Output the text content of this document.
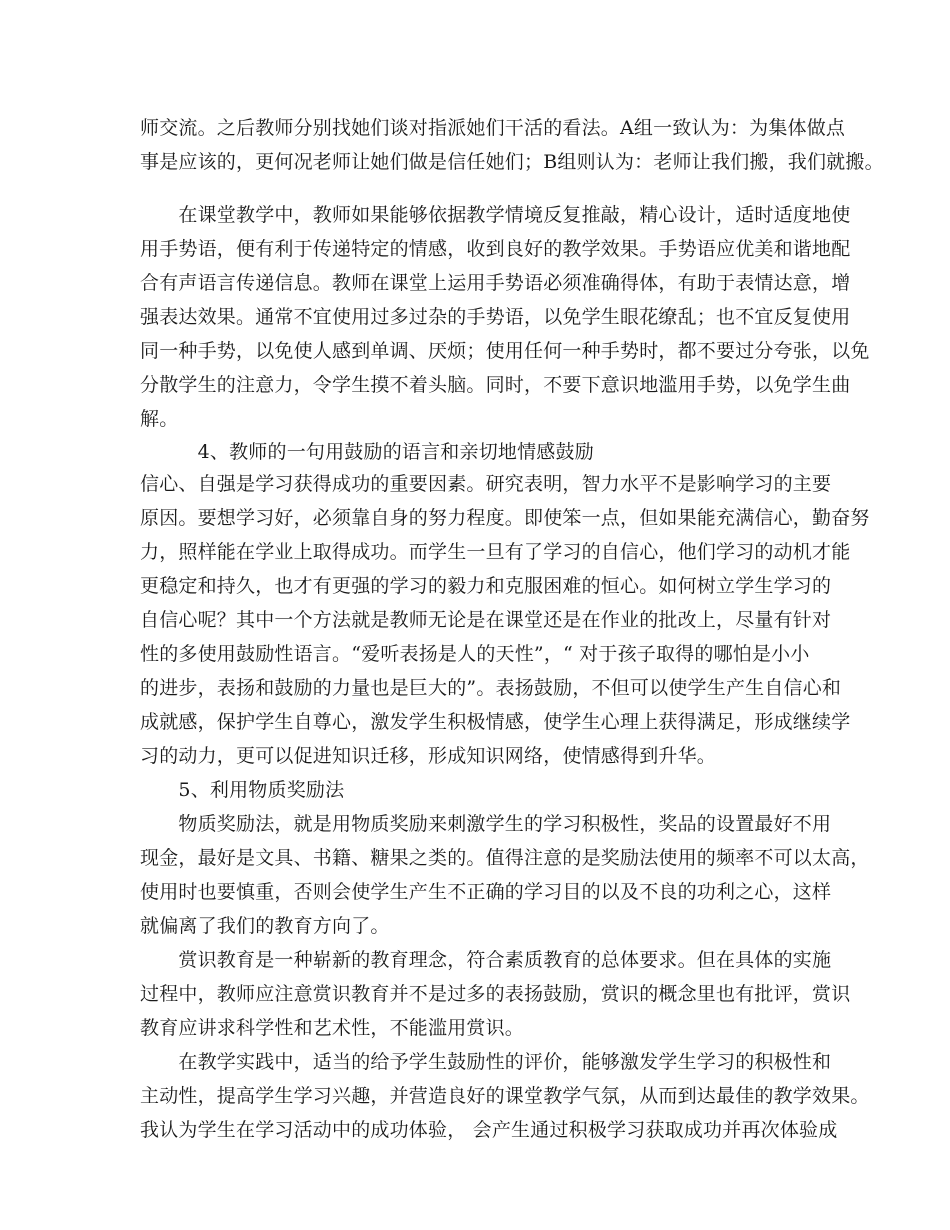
师交流。之后教师分别找她们谈对指派她们干活的看法。A组一致认为：为集体做点
事是应该的，更何况老师让她们做是信任她们；B组则认为：老师让我们搬，我们就搬。
　　在课堂教学中，教师如果能够依据教学情境反复推敲，精心设计，适时适度地使
用手势语，便有利于传递特定的情感，收到良好的教学效果。手势语应优美和谐地配
合有声语言传递信息。教师在课堂上运用手势语必须准确得体，有助于表情达意，增
强表达效果。通常不宜使用过多过杂的手势语，以免学生眼花缭乱；也不宜反复使用
同一种手势，以免使人感到单调、厌烦；使用任何一种手势时，都不要过分夸张，以免
分散学生的注意力，令学生摸不着头脑。同时，不要下意识地滥用手势，以免学生曲
解。
　　　4、教师的一句用鼓励的语言和亲切地情感鼓励
信心、自强是学习获得成功的重要因素。研究表明，智力水平不是影响学习的主要
原因。要想学习好，必须靠自身的努力程度。即使笨一点，但如果能充满信心，勤奋努
力，照样能在学业上取得成功。而学生一旦有了学习的自信心，他们学习的动机才能
更稳定和持久，也才有更强的学习的毅力和克服困难的恒心。如何树立学生学习的
自信心呢？其中一个方法就是教师无论是在课堂还是在作业的批改上，尽量有针对
性的多使用鼓励性语言。“爱听表扬是人的天性”，“ 对于孩子取得的哪怕是小小
的进步，表扬和鼓励的力量也是巨大的”。表扬鼓励，不但可以使学生产生自信心和
成就感，保护学生自尊心，激发学生积极情感，使学生心理上获得满足，形成继续学
习的动力，更可以促进知识迁移，形成知识网络，使情感得到升华。
　　5、利用物质奖励法
　　物质奖励法，就是用物质奖励来刺激学生的学习积极性，奖品的设置最好不用
现金，最好是文具、书籍、糖果之类的。值得注意的是奖励法使用的频率不可以太高，
使用时也要慎重，否则会使学生产生不正确的学习目的以及不良的功利之心，这样
就偏离了我们的教育方向了。
　　赏识教育是一种崭新的教育理念，符合素质教育的总体要求。但在具体的实施
过程中，教师应注意赏识教育并不是过多的表扬鼓励，赏识的概念里也有批评，赏识
教育应讲求科学性和艺术性，不能滥用赏识。
　　在教学实践中，适当的给予学生鼓励性的评价，能够激发学生学习的积极性和
主动性，提高学生学习兴趣，并营造良好的课堂教学气氛，从而到达最佳的教学效果。
我认为学生在学习活动中的成功体验， 会产生通过积极学习获取成功并再次体验成
